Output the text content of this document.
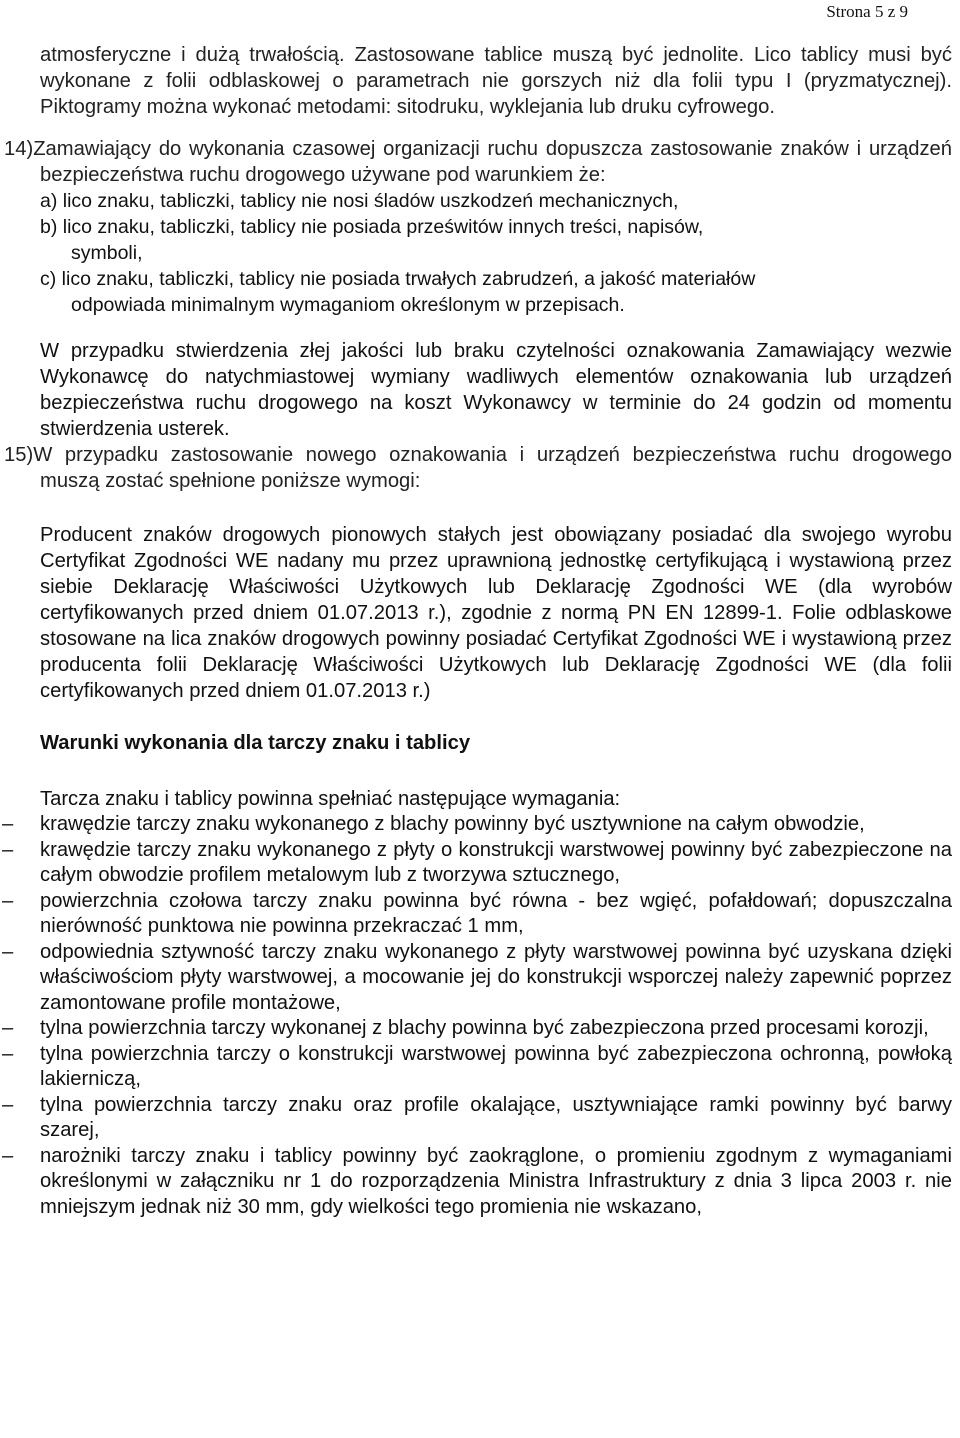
Strona 5 z 9

atmosferyczne i dużą trwałością. Zastosowane tablice muszą być jednolite. Lico tablicy musi być wykonane z folii odblaskowej o parametrach nie gorszych niż dla folii typu I (pryzmatycznej). Piktogramy można wykonać metodami: sitodruku, wyklejania lub druku cyfrowego.

14)Zamawiający do wykonania czasowej organizacji ruchu dopuszcza zastosowanie znaków i urządzeń bezpieczeństwa ruchu drogowego używane pod warunkiem że:

a) lico znaku, tabliczki, tablicy nie nosi śladów uszkodzeń mechanicznych,
b) lico znaku, tabliczki, tablicy nie posiada prześwitów innych treści, napisów,
symboli,
c) lico znaku, tabliczki, tablicy nie posiada trwałych zabrudzeń, a jakość materiałów
odpowiada minimalnym wymaganiom określonym w przepisach.

W przypadku stwierdzenia złej jakości lub braku czytelności oznakowania Zamawiający wezwie Wykonawcę do natychmiastowej wymiany wadliwych elementów oznakowania lub urządzeń bezpieczeństwa ruchu drogowego na koszt Wykonawcy w terminie do 24 godzin od momentu stwierdzenia usterek.

15)W przypadku zastosowanie nowego oznakowania i urządzeń bezpieczeństwa ruchu drogowego muszą zostać spełnione poniższe wymogi:

Producent znaków drogowych pionowych stałych jest obowiązany posiadać dla swojego wyrobu Certyfikat Zgodności WE nadany mu przez uprawnioną jednostkę certyfikującą i wystawioną przez siebie Deklarację Właściwości Użytkowych lub Deklarację Zgodności WE (dla wyrobów certyfikowanych przed dniem 01.07.2013 r.), zgodnie z normą PN EN 12899-1. Folie odblaskowe stosowane na lica znaków drogowych powinny posiadać Certyfikat Zgodności WE i wystawioną przez producenta folii Deklarację Właściwości Użytkowych lub Deklarację Zgodności WE (dla folii certyfikowanych przed dniem 01.07.2013 r.)

Warunki wykonania dla tarczy znaku i tablicy

Tarcza znaku i tablicy powinna spełniać następujące wymagania:

– krawędzie tarczy znaku wykonanego z blachy powinny być usztywnione na całym obwodzie,
– krawędzie tarczy znaku wykonanego z płyty o konstrukcji warstwowej powinny być zabezpieczone na całym obwodzie profilem metalowym lub z tworzywa sztucznego,
– powierzchnia czołowa tarczy znaku powinna być równa - bez wgięć, pofałdowań; dopuszczalna nierówność punktowa nie powinna przekraczać 1 mm,
– odpowiednia sztywność tarczy znaku wykonanego z płyty warstwowej powinna być uzyskana dzięki właściwościom płyty warstwowej, a mocowanie jej do konstrukcji wsporczej należy zapewnić poprzez zamontowane profile montażowe,
– tylna powierzchnia tarczy wykonanej z blachy powinna być zabezpieczona przed procesami korozji,
– tylna powierzchnia tarczy o konstrukcji warstwowej powinna być zabezpieczona ochronną, powłoką lakierniczą,
– tylna powierzchnia tarczy znaku oraz profile okalające, usztywniające ramki powinny być barwy szarej,
– narożniki tarczy znaku i tablicy powinny być zaokrąglone, o promieniu zgodnym z wymaganiami określonymi w załączniku nr 1 do rozporządzenia Ministra Infrastruktury z dnia 3 lipca 2003 r. nie mniejszym jednak niż 30 mm, gdy wielkości tego promienia nie wskazano,
